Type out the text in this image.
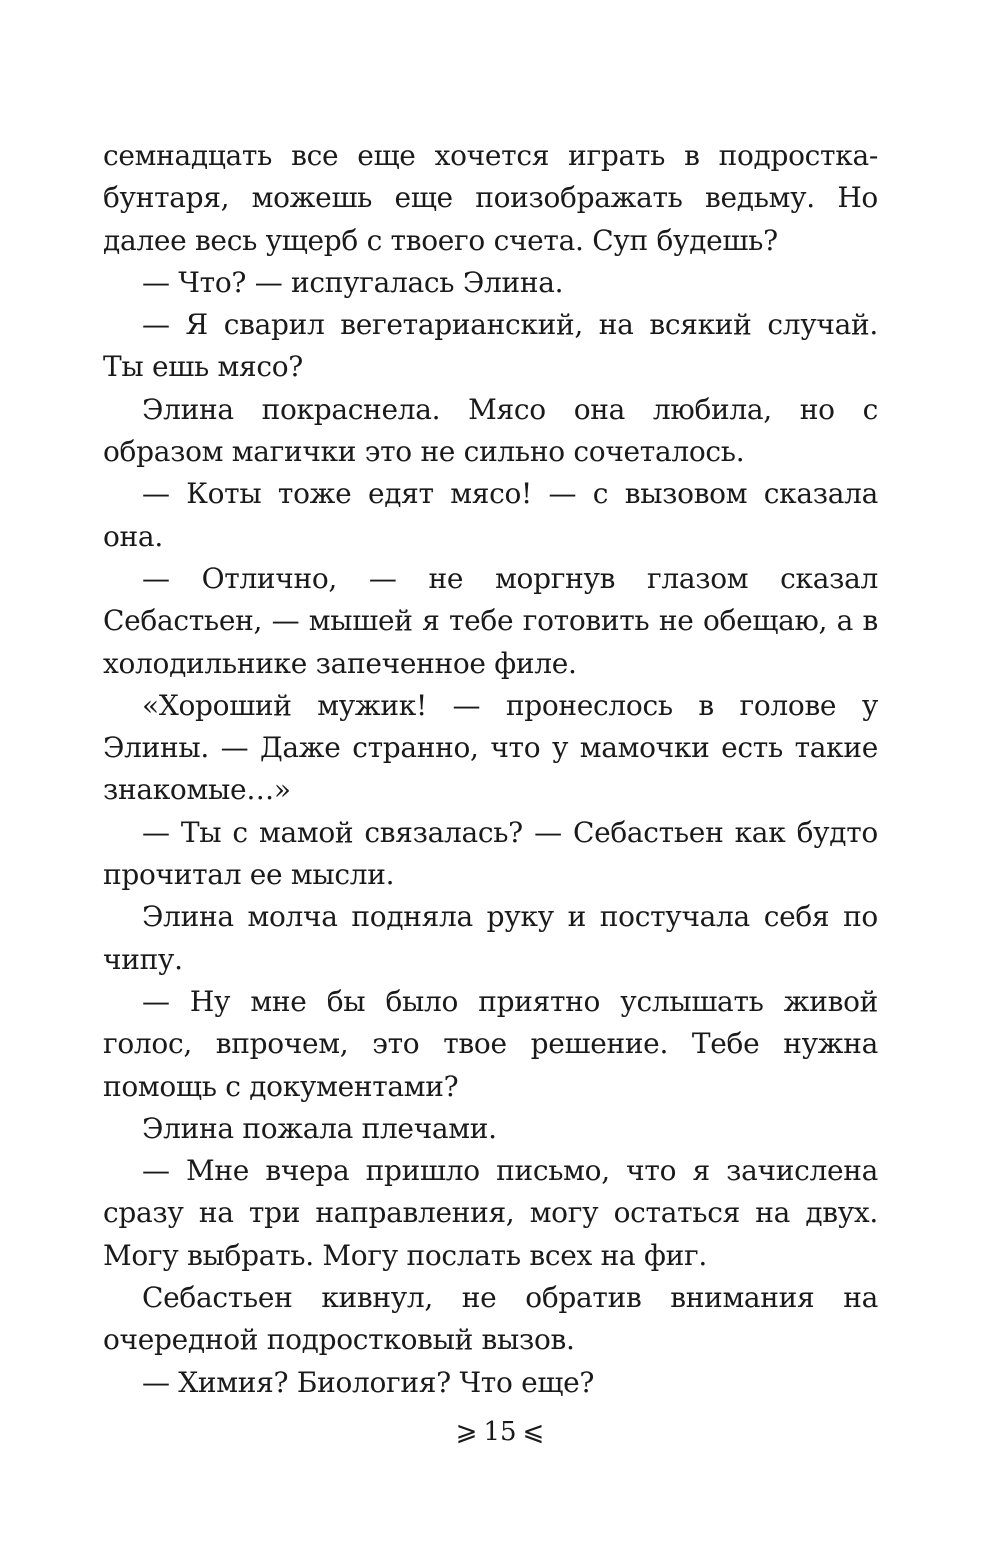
семнадцать все еще хочется играть в подростка-бунтаря, можешь еще поизображать ведьму. Но далее весь ущерб с твоего счета. Суп будешь?

— Что? — испугалась Элина.

— Я сварил вегетарианский, на всякий случай. Ты ешь мясо?

Элина покраснела. Мясо она любила, но с образом магички это не сильно сочеталось.

— Коты тоже едят мясо! — с вызовом сказала она.

— Отлично, — не моргнув глазом сказал Себастьен, — мышей я тебе готовить не обещаю, а в холодильнике запеченное филе.

«Хороший мужик! — пронеслось в голове у Элины. — Даже странно, что у мамочки есть такие знакомые…»

— Ты с мамой связалась? — Себастьен как будто прочитал ее мысли.

Элина молча подняла руку и постучала себя по чипу.

— Ну мне бы было приятно услышать живой голос, впрочем, это твое решение. Тебе нужна помощь с документами?

Элина пожала плечами.

— Мне вчера пришло письмо, что я зачислена сразу на три направления, могу остаться на двух. Могу выбрать. Могу послать всех на фиг.

Себастьен кивнул, не обратив внимания на очередной подростковый вызов.

— Химия? Биология? Что еще?

⩾ 15 ⩽
